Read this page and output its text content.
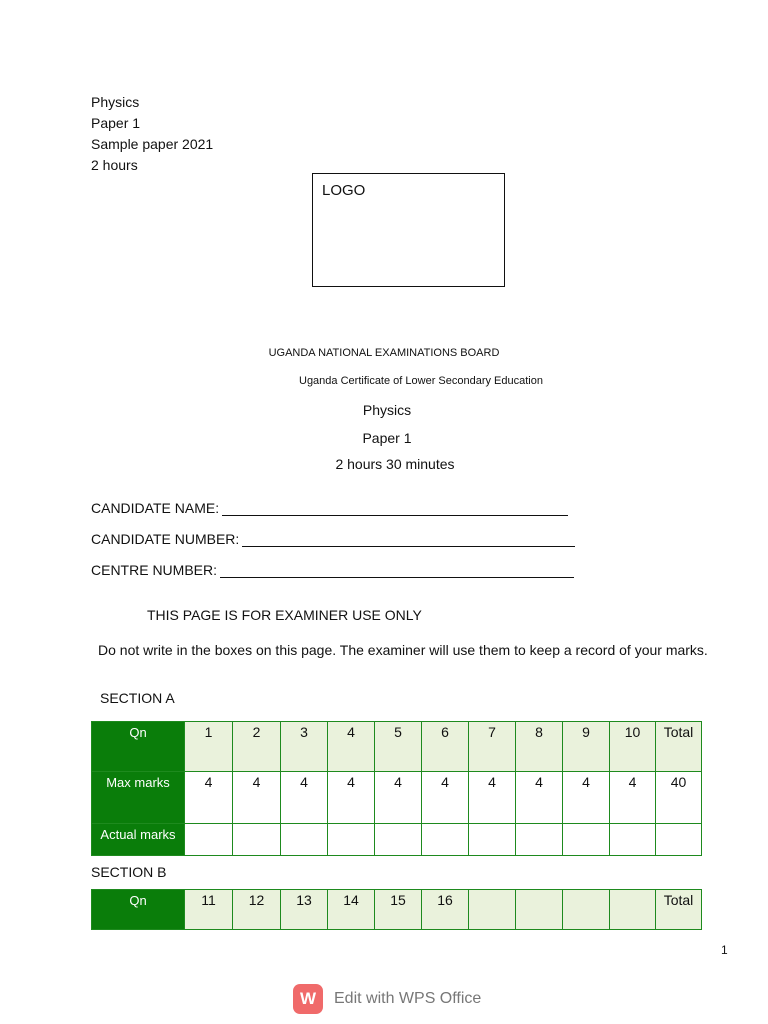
Physics
Paper 1
Sample paper 2021
2 hours
LOGO
UGANDA NATIONAL EXAMINATIONS BOARD
Uganda Certificate of Lower Secondary Education
Physics
Paper 1
2 hours 30 minutes
CANDIDATE NAME:
CANDIDATE NUMBER:
CENTRE NUMBER:
THIS PAGE IS FOR EXAMINER USE ONLY
Do not write in the boxes on this page. The examiner will use them to keep a record of your marks.
SECTION A
Qn	1	2	3	4	5	6	7	8	9	10	Total

Max marks	4	4	4	4	4	4	4	4	4	4	40

Actual marks											

SECTION B
Qn	11	12	13	14	15	16					Total
1
W	Edit with WPS Office
